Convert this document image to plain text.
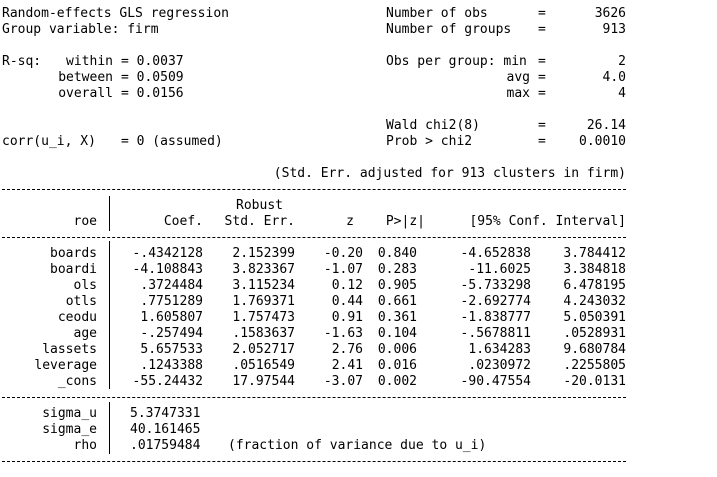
Random-effects GLS regression
Group variable: firm
R-sq:	within = 0.0037
between = 0.0509
overall = 0.0156
corr(u_i, X) = 0 (assumed)
Number of obs	=	3626
Number of groups =	913
Obs per group: min =	2
avg =	4.0
max =	4
Wald chi2(8)	=	26.14
Prob > chi2	=	0.0010
(Std. Err. adjusted for 913 clusters in firm)
Robust
roe	Coef.	Std. Err.	z	P>|z|	[95% Conf. Interval]
boards	-.4342128	2.152399	-0.20	0.840	-4.652838	3.784412
boardi	-4.108843	3.823367	-1.07	0.283	-11.6025	3.384818
ols	.3724484	3.115234	0.12	0.905	-5.733298	6.478195
otls	.7751289	1.769371	0.44	0.661	-2.692774	4.243032
ceodu	1.605807	1.757473	0.91	0.361	-1.838777	5.050391
age	-.257494	.1583637	-1.63	0.104	-.5678811	.0528931
lassets	5.657533	2.052717	2.76	0.006	1.634283	9.680784
leverage	.1243388	.0516549	2.41	0.016	.0230972	.2255805
_cons	-55.24432	17.97544	-3.07	0.002	-90.47554	-20.0131
sigma_u	5.3747331
sigma_e	40.161465
rho	.01759484 (fraction of variance due to u_i)
